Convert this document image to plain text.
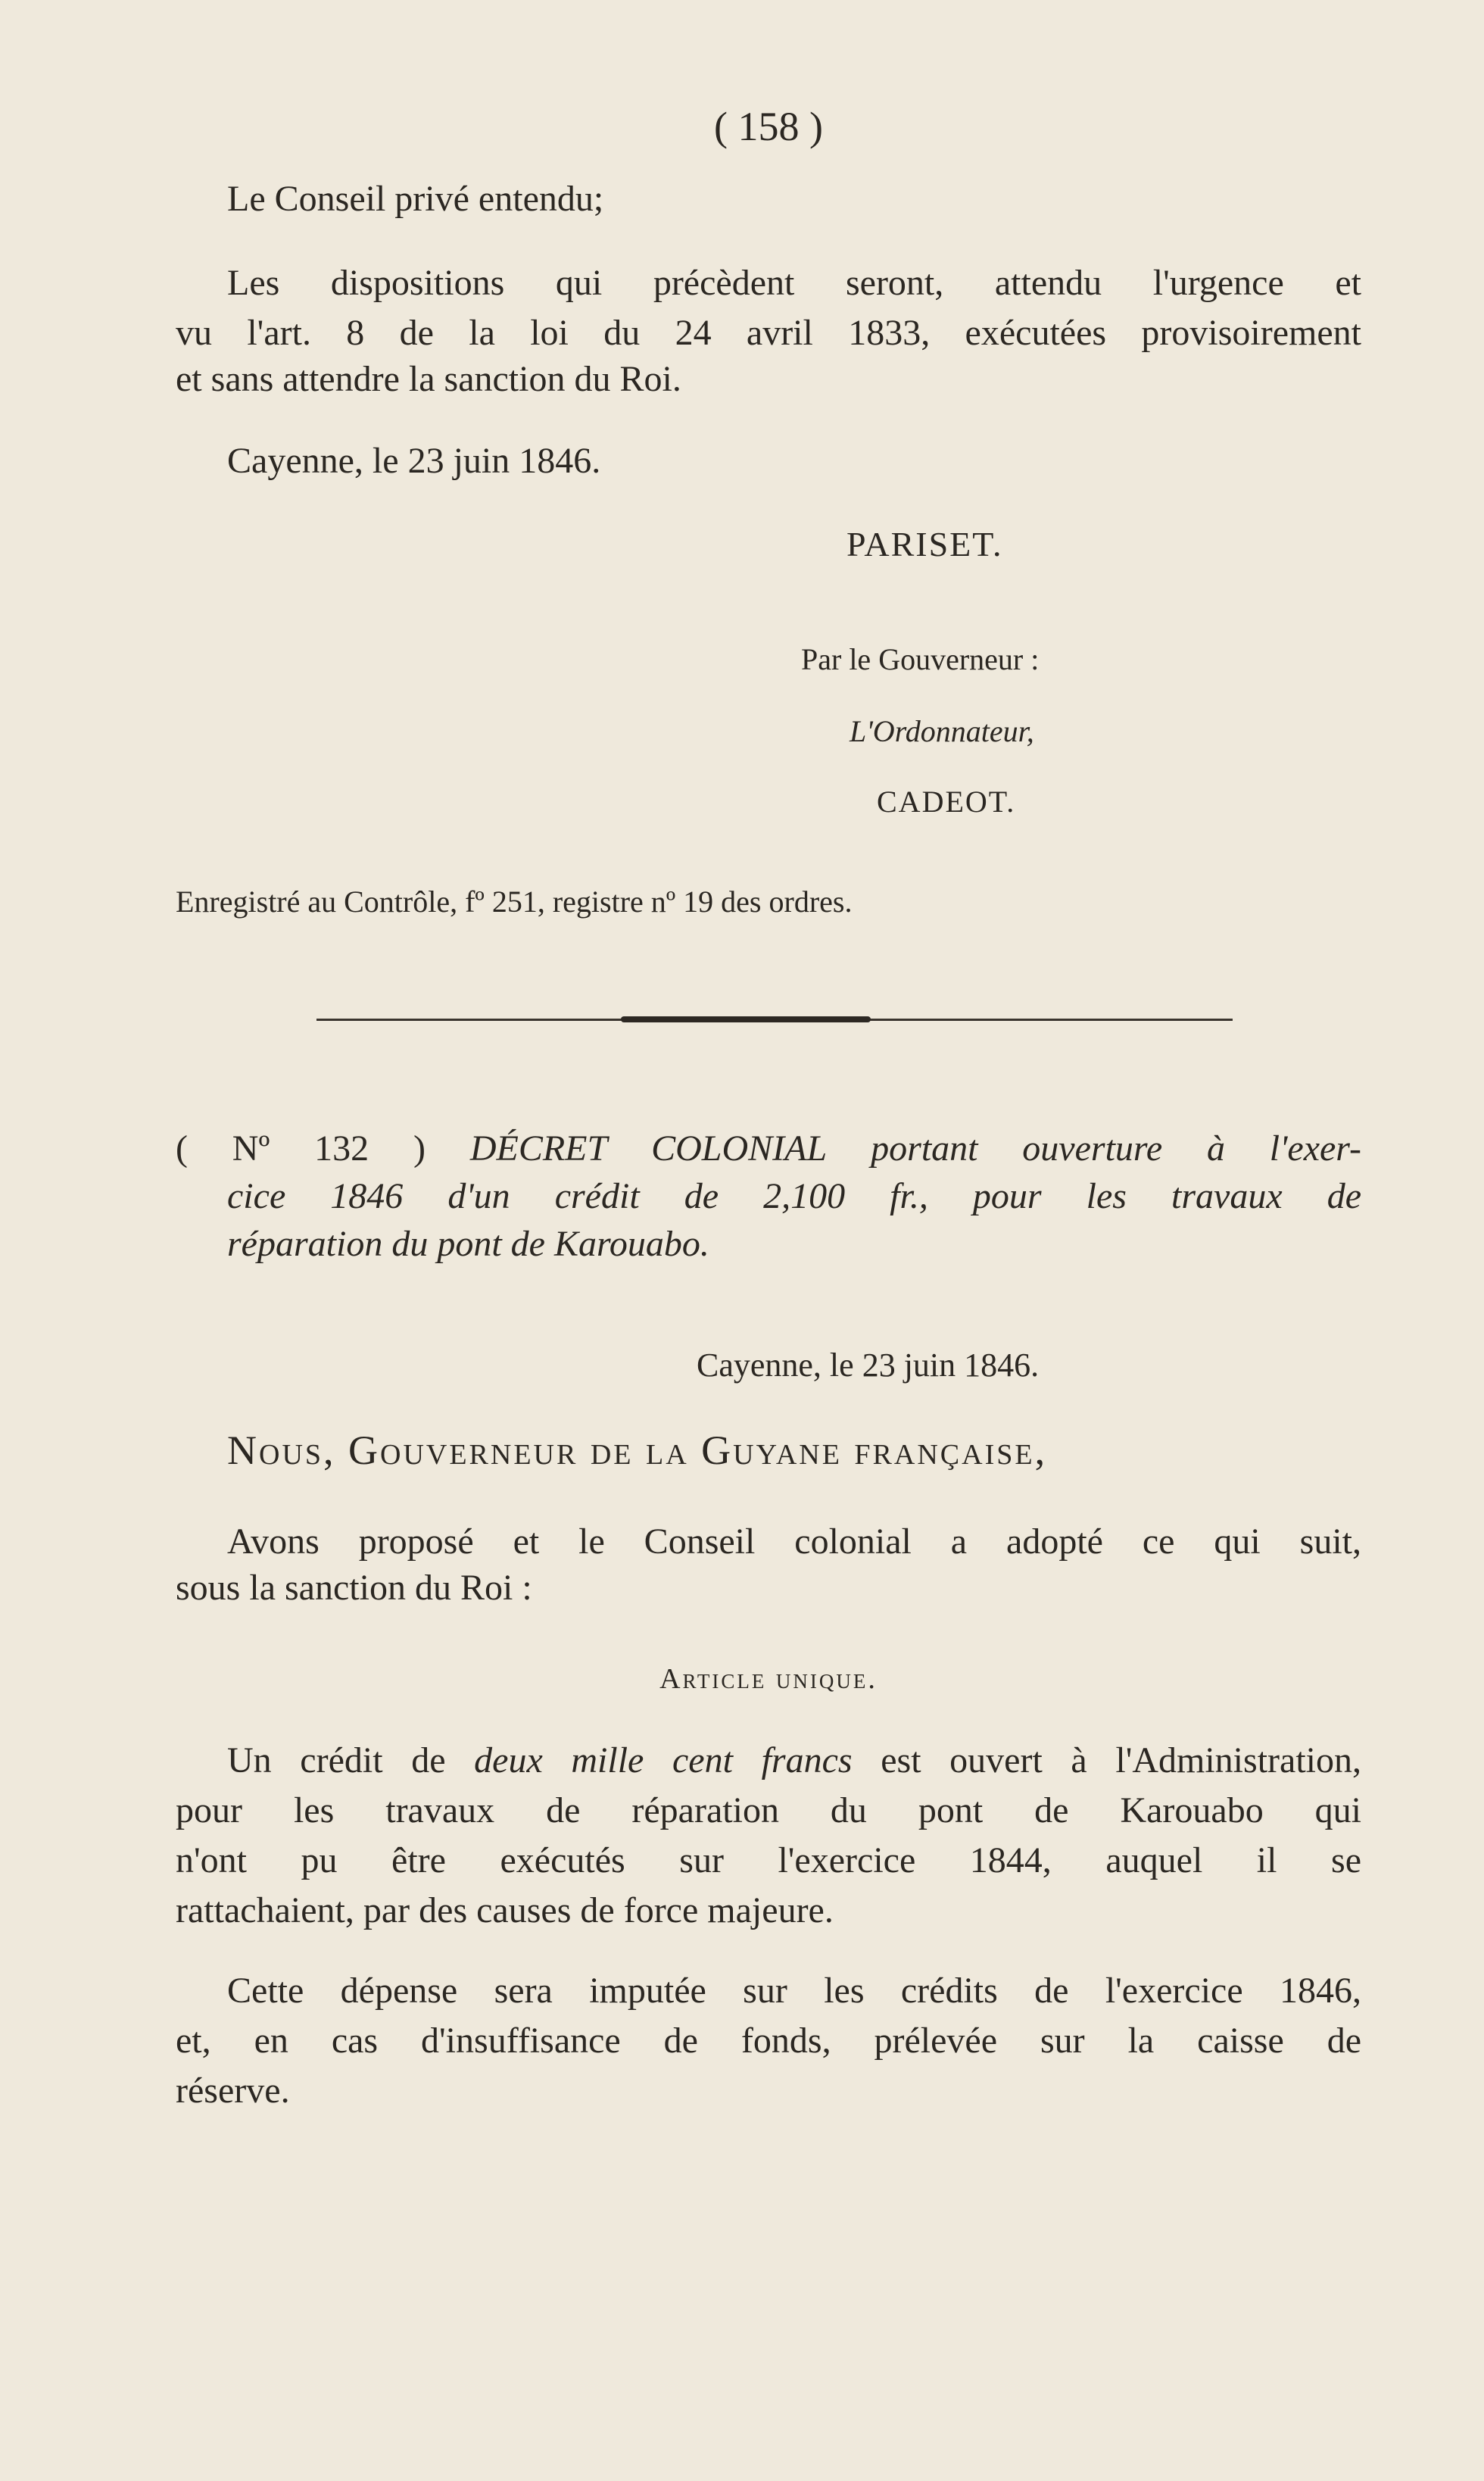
( 158 )
Le Conseil privé entendu;
Les dispositions qui précèdent seront, attendu l'urgence et
vu l'art. 8 de la loi du 24 avril 1833, exécutées provisoirement
et sans attendre la sanction du Roi.
Cayenne, le 23 juin 1846.
PARISET.
Par le Gouverneur :
L'Ordonnateur,
CADEOT.
Enregistré au Contrôle, fº 251, registre nº 19 des ordres.
( Nº 132 ) DÉCRET COLONIAL portant ouverture à l'exer-
cice 1846 d'un crédit de 2,100 fr., pour les travaux de
réparation du pont de Karouabo.
Cayenne, le 23 juin 1846.
Nous, Gouverneur de la Guyane française,
Avons proposé et le Conseil colonial a adopté ce qui suit,
sous la sanction du Roi :
Article unique.
Un crédit de deux mille cent francs est ouvert à l'Administration,
pour les travaux de réparation du pont de Karouabo qui
n'ont pu être exécutés sur l'exercice 1844, auquel il se
rattachaient, par des causes de force majeure.
Cette dépense sera imputée sur les crédits de l'exercice 1846,
et, en cas d'insuffisance de fonds, prélevée sur la caisse de
réserve.
